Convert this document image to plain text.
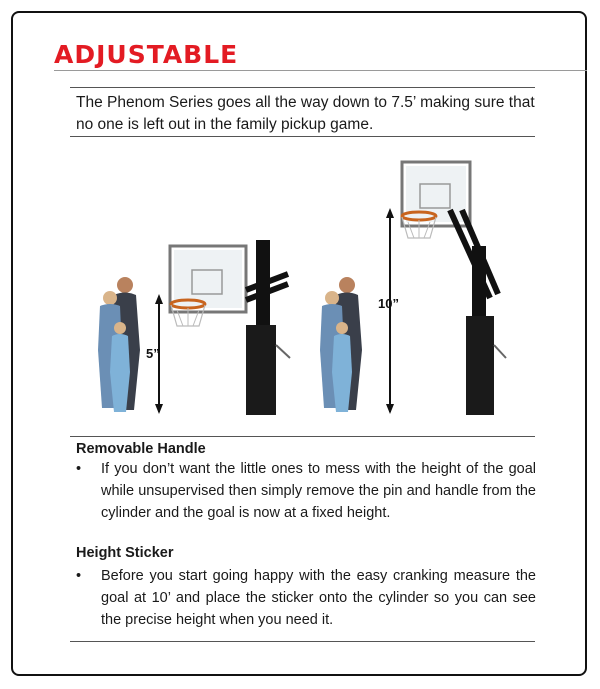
ADJUSTABLE

The Phenom Series goes all the way down to 7.5’ making sure that no one is left out in the family pickup game.

5”
10”
Removable Handle
• If you don’t want the little ones to mess with the height of the goal while unsupervised then simply remove the pin and handle from the cylinder and the goal is now at a fixed height.
Height Sticker
• Before you start going happy with the easy cranking measure the goal at 10’ and place the sticker onto the cylinder so you can see the precise height when you need it.
